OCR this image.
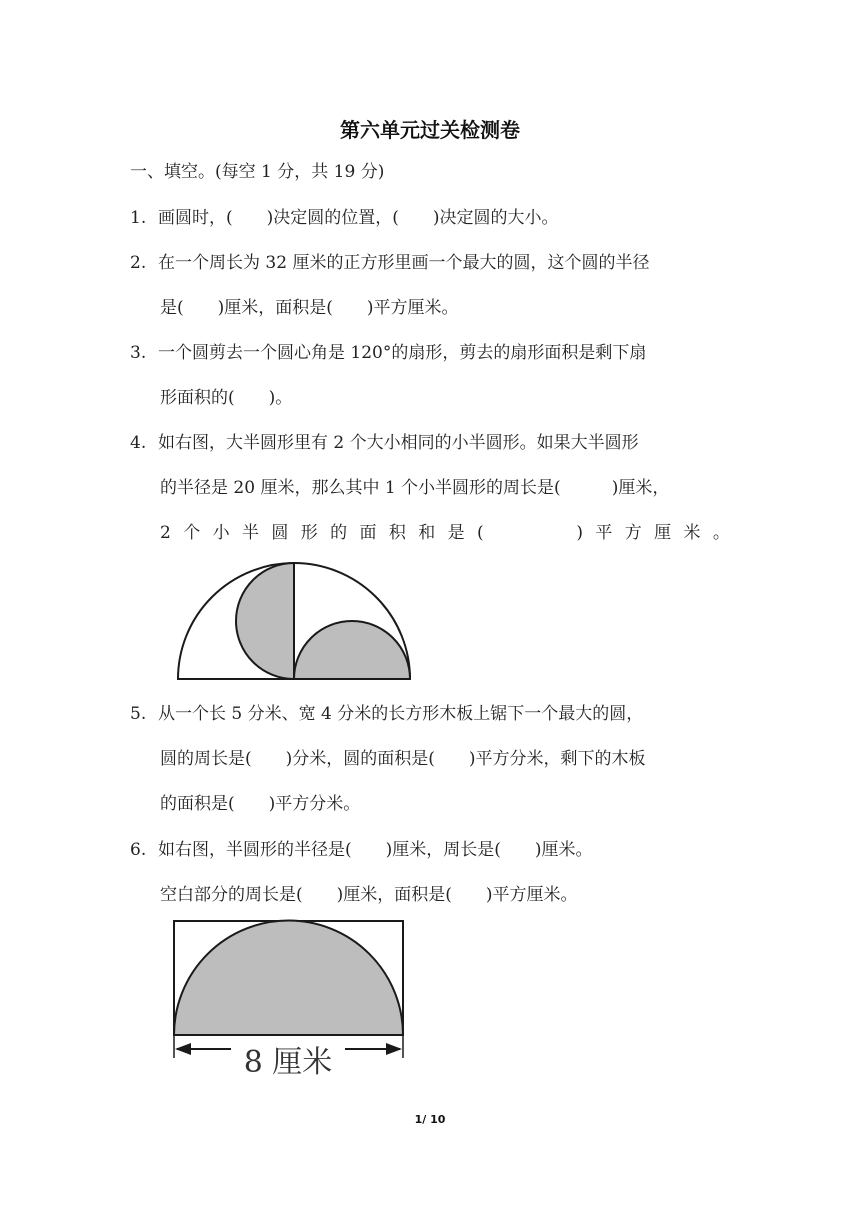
第六单元过关检测卷
一、填空。(每空 1 分，共 19 分)
1. 画圆时，(　　)决定圆的位置，(　　)决定圆的大小。
2. 在一个周长为 32 厘米的正方形里画一个最大的圆，这个圆的半径
是(　　)厘米，面积是(　　)平方厘米。
3. 一个圆剪去一个圆心角是 120°的扇形，剪去的扇形面积是剩下扇
形面积的(　　)。
4. 如右图，大半圆形里有 2 个大小相同的小半圆形。如果大半圆形
的半径是 20 厘米，那么其中 1 个小半圆形的周长是(　　　)厘米，
2 个 小 半 圆 形 的 面 积 和 是 (
　　　　	) 平 方 厘 米 。
5. 从一个长 5 分米、宽 4 分米的长方形木板上锯下一个最大的圆，
圆的周长是(　　)分米，圆的面积是(　　)平方分米，剩下的木板
的面积是(　　)平方分米。
6. 如右图，半圆形的半径是(　　)厘米，周长是(　　)厘米。
空白部分的周长是(　　)厘米，面积是(　　)平方厘米。
8 厘米
1/ 10
